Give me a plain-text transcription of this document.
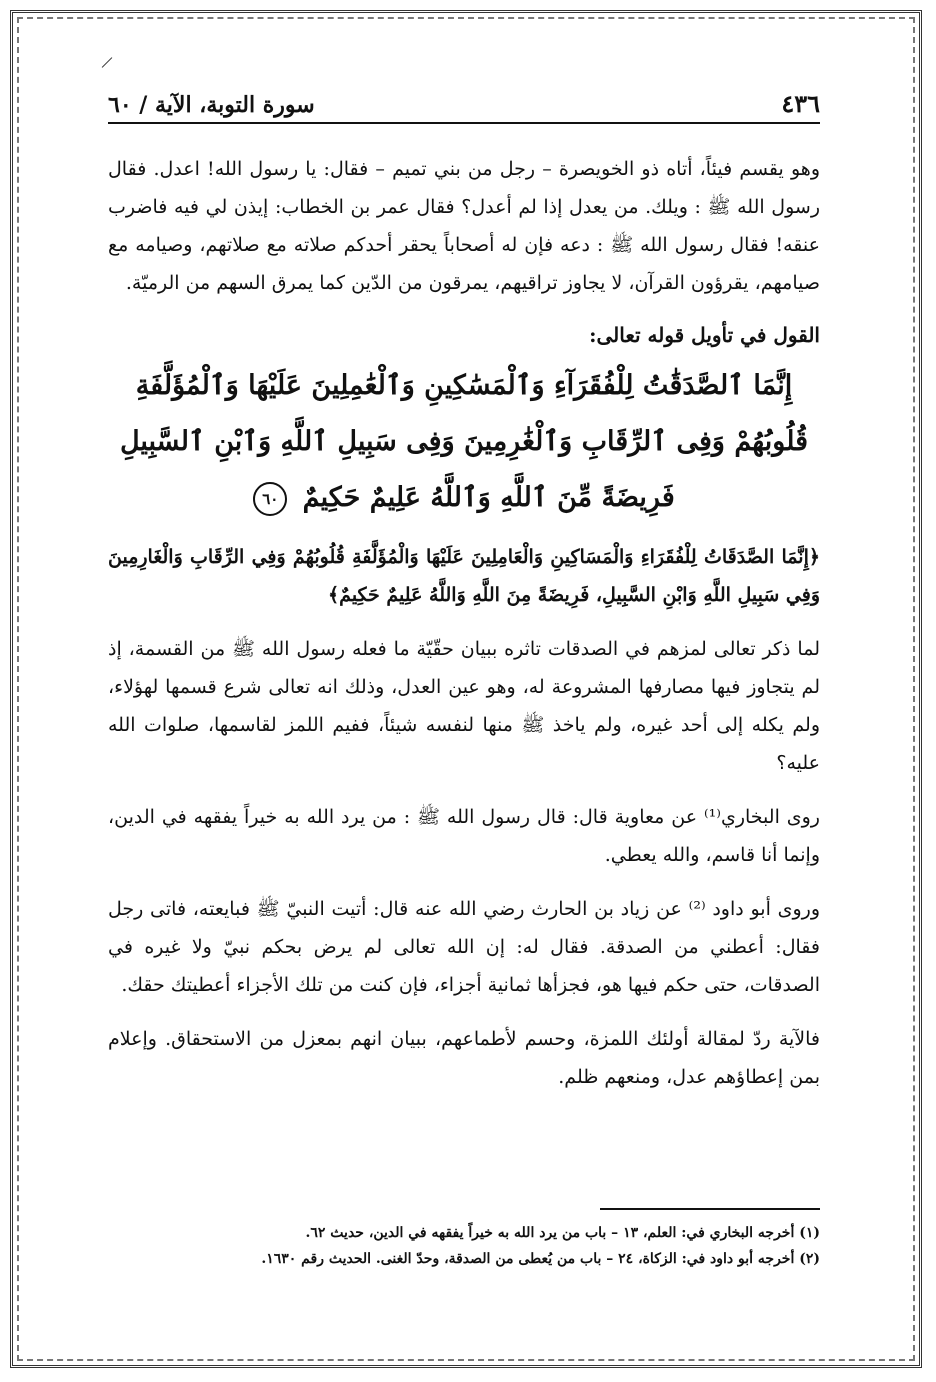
٤٣٦
سورة التوبة، الآية / ٦٠

وهو يقسم فيئاً، أتاه ذو الخويصرة – رجل من بني تميم – فقال: يا رسول الله! اعدل. فقال رسول الله ﷺ : ويلك. من يعدل إذا لم أعدل؟ فقال عمر بن الخطاب: إيذن لي فيه فاضرب عنقه! فقال رسول الله ﷺ : دعه فإن له أصحاباً يحقر أحدكم صلاته مع صلاتهم، وصيامه مع صيامهم، يقرؤون القرآن، لا يجاوز تراقيهم، يمرقون من الدّين كما يمرق السهم من الرميّة.

القول في تأويل قوله تعالى:
إِنَّمَا ٱلصَّدَقَٰتُ لِلْفُقَرَآءِ وَٱلْمَسَٰكِينِ وَٱلْعَٰمِلِينَ عَلَيْهَا وَٱلْمُؤَلَّفَةِ قُلُوبُهُمْ وَفِى ٱلرِّقَابِ وَٱلْغَٰرِمِينَ وَفِى سَبِيلِ ٱللَّهِ وَٱبْنِ ٱلسَّبِيلِ فَرِيضَةً مِّنَ ٱللَّهِ وَٱللَّهُ عَلِيمٌ حَكِيمٌ ٦٠
﴿إِنَّمَا الصَّدَقَاتُ لِلْفُقَرَاءِ وَالْمَسَاكِينِ وَالْعَامِلِينَ عَلَيْهَا وَالْمُؤَلَّفَةِ قُلُوبُهُمْ وَفِي الرِّقَابِ وَالْغَارِمِينَ وَفِي سَبِيلِ اللَّهِ وَابْنِ السَّبِيلِ، فَرِيضَةً مِنَ اللَّهِ وَاللَّهُ عَلِيمٌ حَكِيمٌ﴾

لما ذكر تعالى لمزهم في الصدقات تاثره ببيان حقّيّة ما فعله رسول الله ﷺ من القسمة، إذ لم يتجاوز فيها مصارفها المشروعة له، وهو عين العدل، وذلك انه تعالى شرع قسمها لهؤلاء، ولم يكله إلى أحد غيره، ولم ياخذ ﷺ منها لنفسه شيئاً، ففيم اللمز لقاسمها، صلوات الله عليه؟

روى البخاري⁽¹⁾ عن معاوية قال: قال رسول الله ﷺ : من يرد الله به خيراً يفقهه في الدين، وإنما أنا قاسم، والله يعطي.

وروى أبو داود ⁽²⁾ عن زياد بن الحارث رضي الله عنه قال: أتيت النبيّ ﷺ فبايعته، فاتى رجل فقال: أعطني من الصدقة. فقال له: إن الله تعالى لم يرض بحكم نبيّ ولا غيره في الصدقات، حتى حكم فيها هو، فجزأها ثمانية أجزاء، فإن كنت من تلك الأجزاء أعطيتك حقك.

فالآية ردّ لمقالة أولئك اللمزة، وحسم لأطماعهم، ببيان انهم بمعزل من الاستحقاق. وإعلام بمن إعطاؤهم عدل، ومنعهم ظلم.

(١) أخرجه البخاري في: العلم، ١٣ – باب من يرد الله به خيراً يفقهه في الدين، حديث ٦٢.
(٢) أخرجه أبو داود في: الزكاة، ٢٤ – باب من يُعطى من الصدقة، وحدّ الغنى. الحديث رقم ١٦٣٠.
